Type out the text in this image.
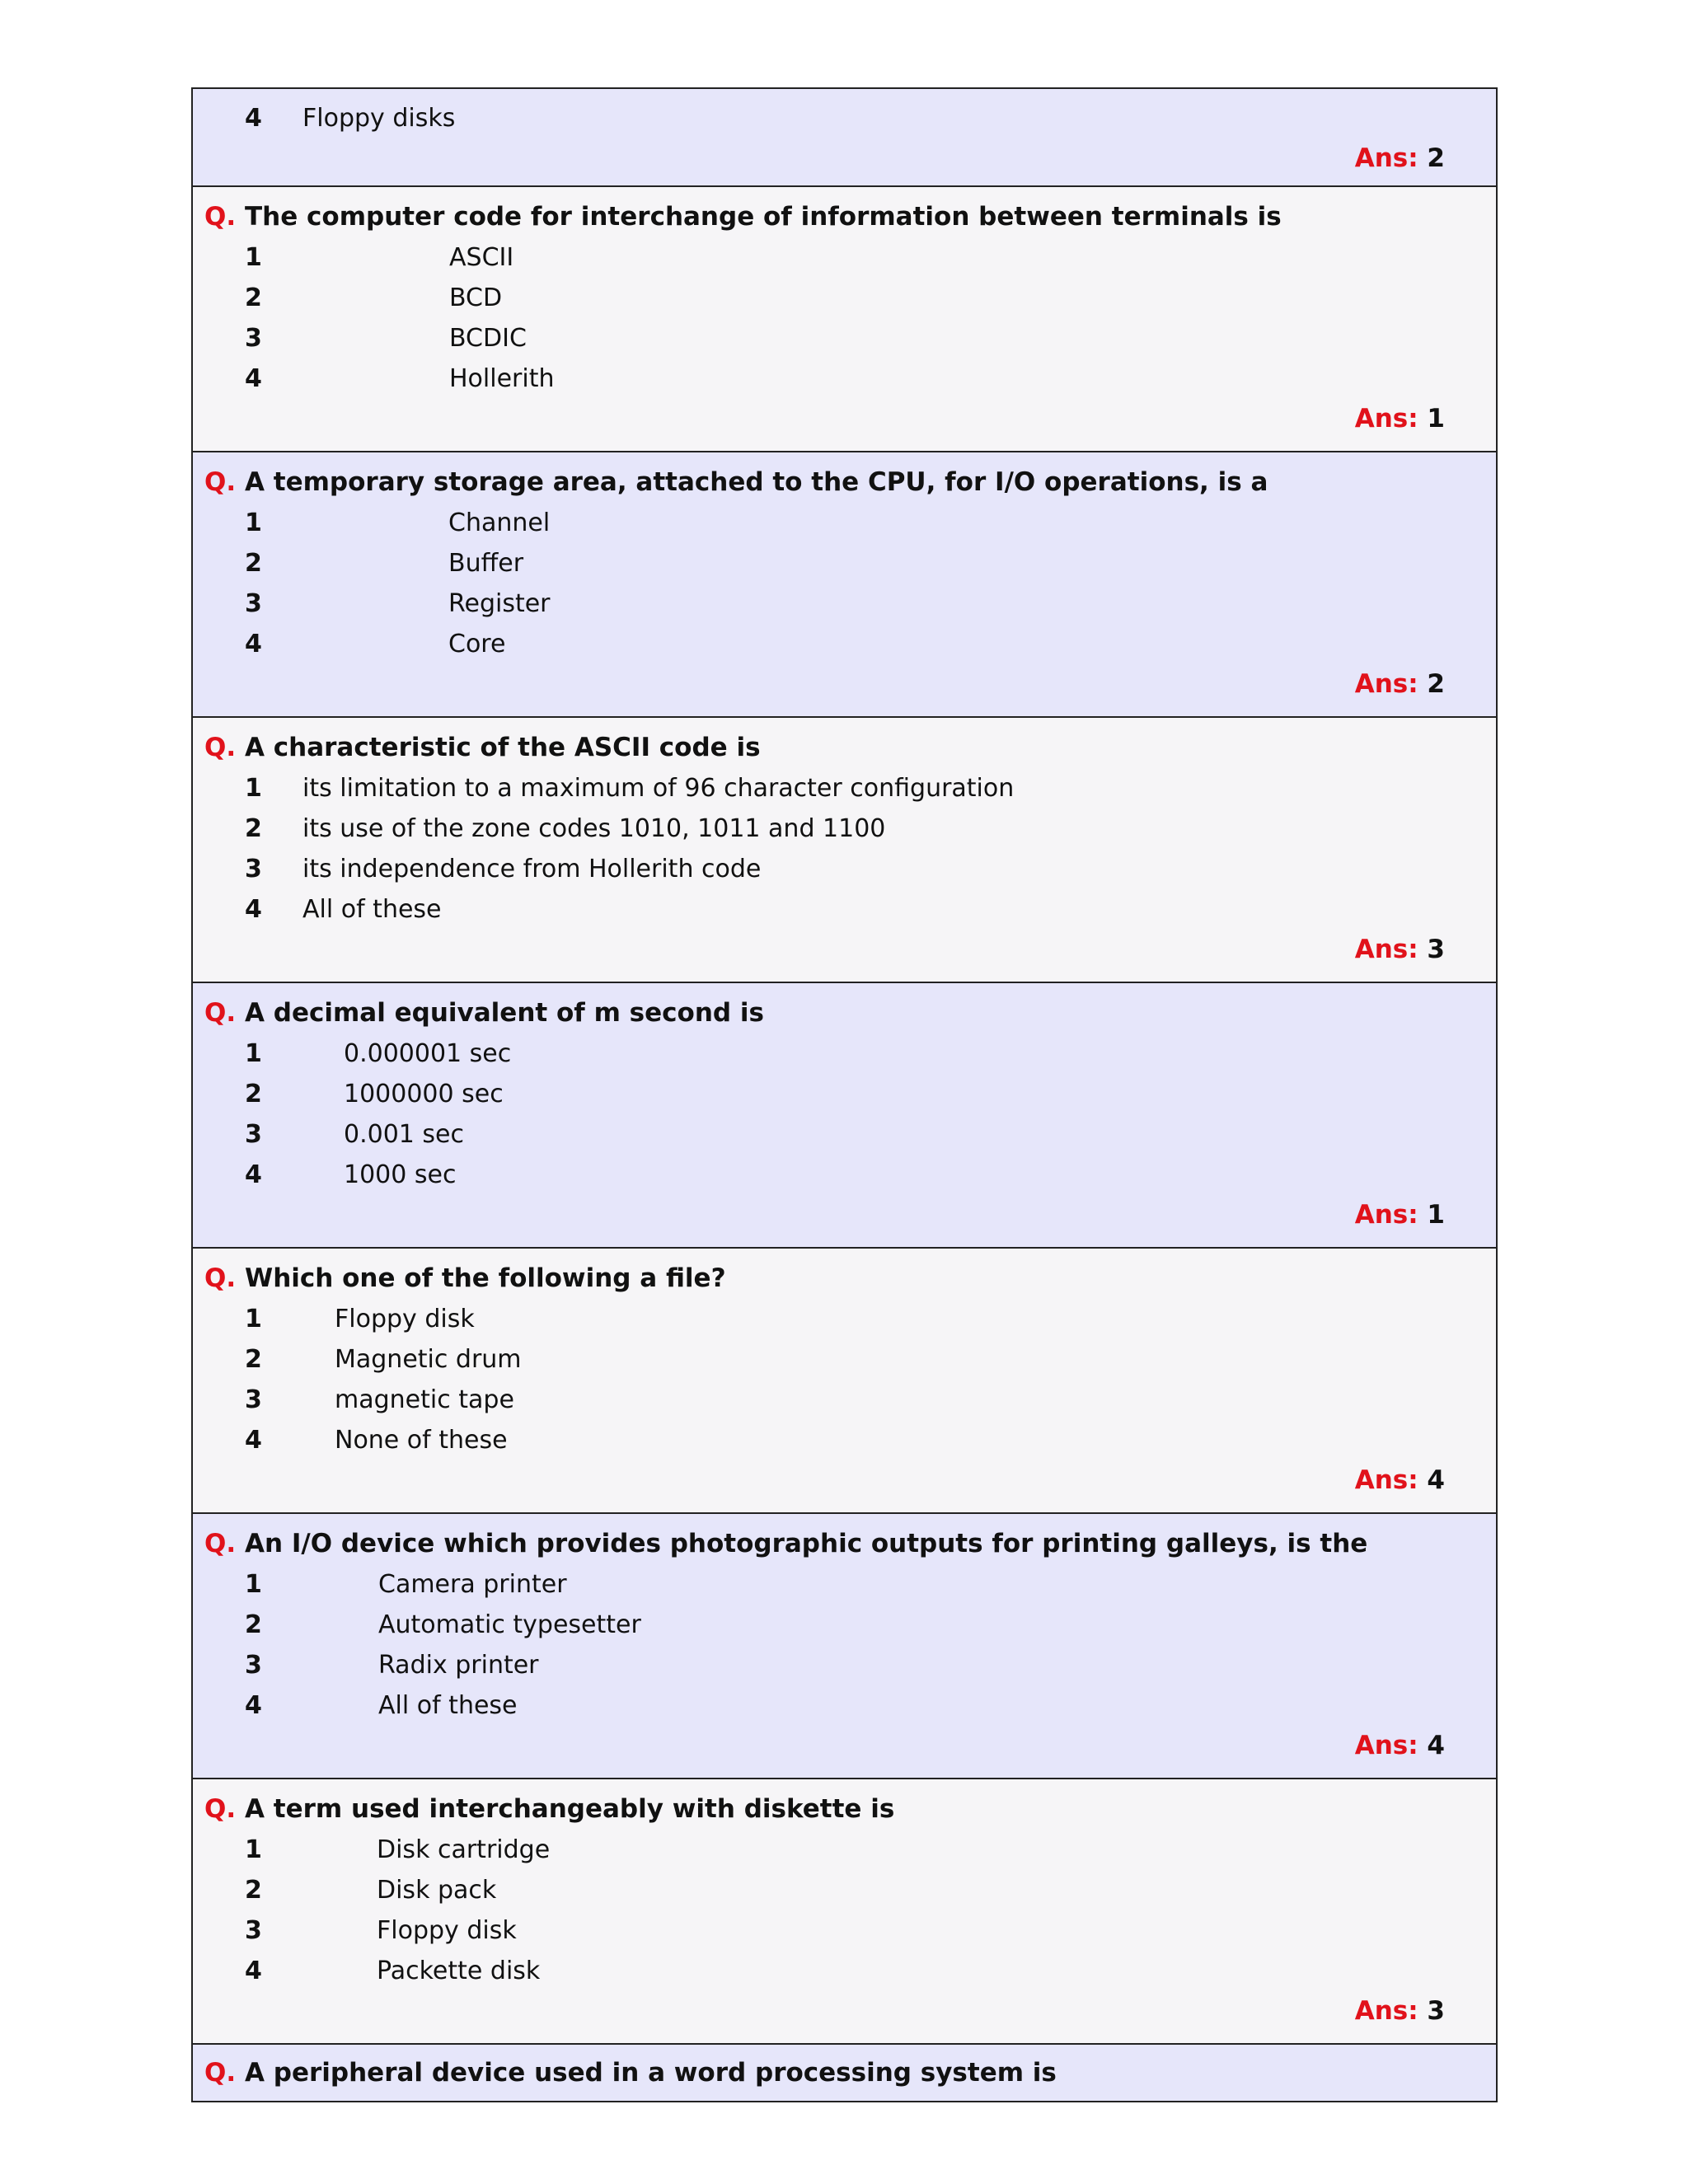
4	Floppy disks
Ans: 2
Q. The computer code for interchange of information between terminals is
1	ASCII
2	BCD
3	BCDIC
4	Hollerith
Ans: 1
Q. A temporary storage area, attached to the CPU, for I/O operations, is a
1	Channel
2	Buffer
3	Register
4	Core
Ans: 2
Q. A characteristic of the ASCII code is
1	its limitation to a maximum of 96 character configuration
2	its use of the zone codes 1010, 1011 and 1100
3	its independence from Hollerith code
4	All of these
Ans: 3
Q. A decimal equivalent of m second is
1	0.000001 sec
2	1000000 sec
3	0.001 sec
4	1000 sec
Ans: 1
Q. Which one of the following a file?
1	Floppy disk
2	Magnetic drum
3	magnetic tape
4	None of these
Ans: 4
Q. An I/O device which provides photographic outputs for printing galleys, is the
1	Camera printer
2	Automatic typesetter
3	Radix printer
4	All of these
Ans: 4
Q. A term used interchangeably with diskette is
1	Disk cartridge
2	Disk pack
3	Floppy disk
4	Packette disk
Ans: 3
Q. A peripheral device used in a word processing system is
